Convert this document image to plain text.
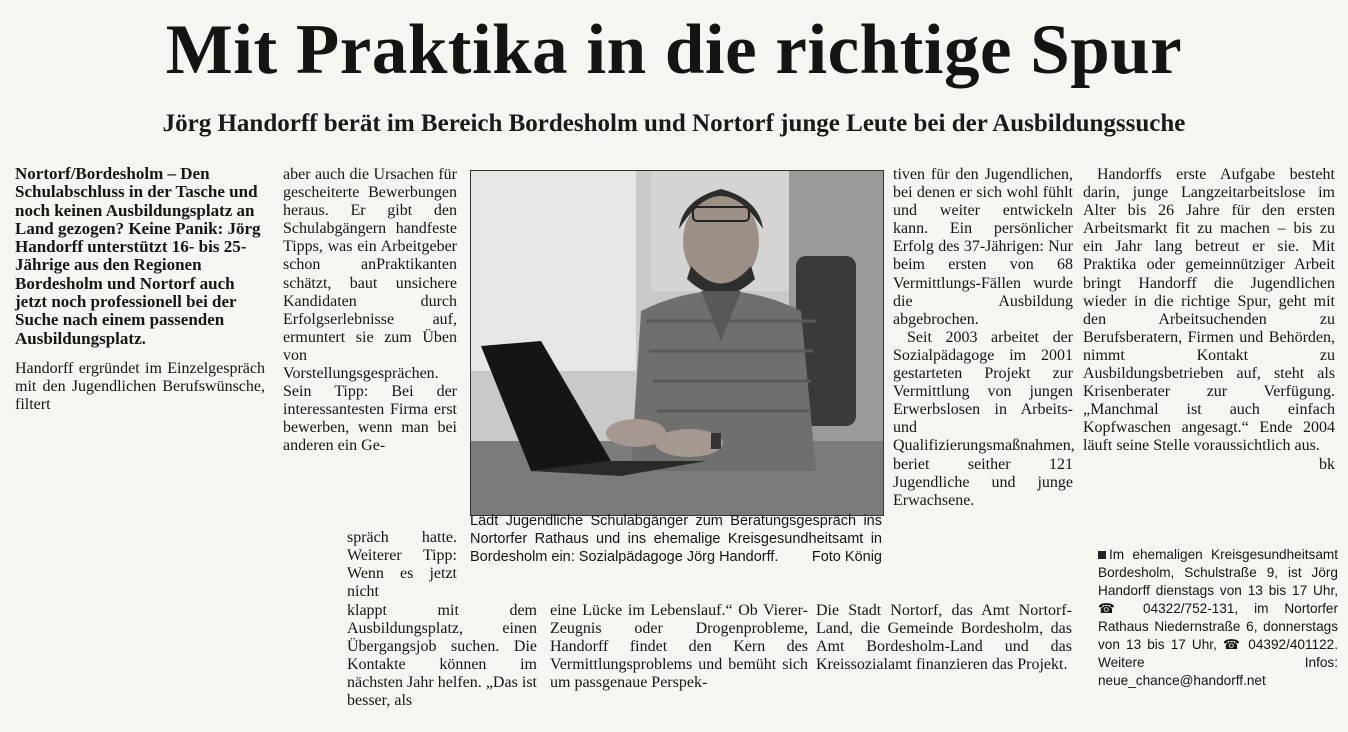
Mit Praktika in die richtige Spur
Jörg Handorff berät im Bereich Bordesholm und Nortorf junge Leute bei der Ausbildungssuche

Nortorf/Bordesholm – Den Schulabschluss in der Tasche und noch keinen Ausbildungsplatz an Land gezogen? Keine Panik: Jörg Handorff unterstützt 16- bis 25-Jährige aus den Regionen Bordesholm und Nortorf auch jetzt noch professionell bei der Suche nach einem passenden Ausbildungsplatz.

Handorff ergründet im Einzelgespräch mit den Jugendlichen Berufswünsche, filtert

aber auch die Ursachen für gescheiterte Bewerbungen heraus. Er gibt den Schulabgängern handfeste Tipps, was ein Arbeitgeber schon anPraktikanten schätzt, baut unsichere Kandidaten durch Erfolgserlebnisse auf, ermuntert sie zum Üben von Vorstellungsgesprächen. Sein Tipp: Bei der interessantesten Firma erst bewerben, wenn man bei anderen ein Ge-

spräch hatte. Weiterer Tipp: Wenn es jetzt nicht

klappt mit dem Ausbildungsplatz, einen Übergangsjob suchen. Die Kontakte können im nächsten Jahr helfen. „Das ist besser, als

Lädt Jugendliche Schulabgänger zum Beratungsgespräch ins Nortorfer Rathaus und ins ehemalige Kreisgesundheitsamt in Bordesholm ein: Sozialpädagoge Jörg Handorff. Foto König

eine Lücke im Lebenslauf.“ Ob Vierer-Zeugnis oder Drogenprobleme, Handorff findet den Kern des Vermittlungsproblems und bemüht sich um passgenaue Perspek-

tiven für den Jugendlichen, bei denen er sich wohl fühlt und weiter entwickeln kann. Ein persönlicher Erfolg des 37-Jährigen: Nur beim ersten von 68 Vermittlungs-Fällen wurde die Ausbildung abgebrochen.

Seit 2003 arbeitet der Sozialpädagoge im 2001 gestarteten Projekt zur Vermittlung von jungen Erwerbslosen in Arbeits- und Qualifizierungsmaßnahmen, beriet seither 121 Jugendliche und junge Erwachsene.

Die Stadt Nortorf, das Amt Nortorf-Land, die Gemeinde Bordesholm, das Amt Bordesholm-Land und das Kreissozialamt finanzieren das Projekt.

Handorffs erste Aufgabe besteht darin, junge Langzeitarbeitslose im Alter bis 26 Jahre für den ersten Arbeitsmarkt fit zu machen – bis zu ein Jahr lang betreut er sie. Mit Praktika oder gemeinnütziger Arbeit bringt Handorff die Jugendlichen wieder in die richtige Spur, geht mit den Arbeitsuchenden zu Berufsberatern, Firmen und Behörden, nimmt Kontakt zu Ausbildungsbetrieben auf, steht als Krisenberater zur Verfügung. „Manchmal ist auch einfach Kopfwaschen angesagt.“ Ende 2004 läuft seine Stelle voraussichtlich aus.
bk

Im ehemaligen Kreisgesundheitsamt Bordesholm, Schulstraße 9, ist Jörg Handorff dienstags von 13 bis 17 Uhr, ☎ 04322/752-131, im Nortorfer Rathaus Niedernstraße 6, donnerstags von 13 bis 17 Uhr, ☎ 04392/401122. Weitere Infos: neue_chance@handorff.net
